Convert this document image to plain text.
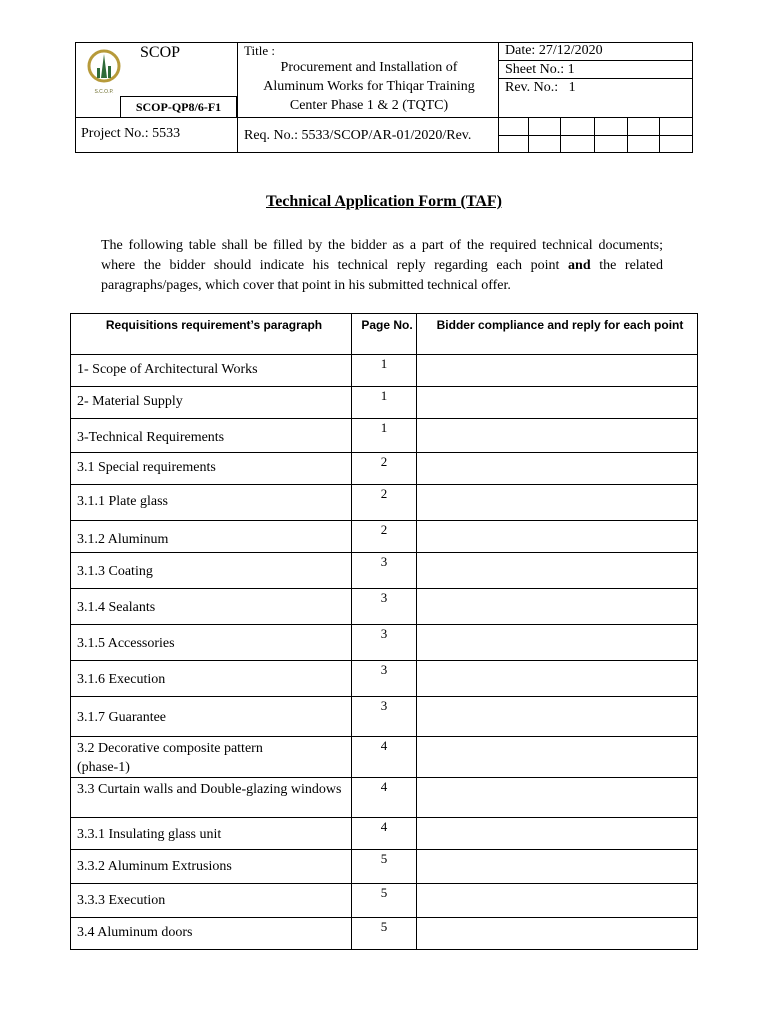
S.C.O.P.
SCOP
SCOP-QP8/6-F1
Title :
Procurement and Installation of
Aluminum Works for Thiqar Training
Center Phase 1 & 2 (TQTC)
Date: 27/12/2020
Sheet No.: 1
Rev. No.:   1
Project No.: 5533	Req. No.: 5533/SCOP/AR-01/2020/Rev.
Technical Application Form (TAF)
The following table shall be filled by the bidder as a part of the required technical documents; where the bidder should indicate his technical reply regarding each point and the related paragraphs/pages, which cover that point in his submitted technical offer.
Requisitions requirement’s paragraph	Page No.	Bidder compliance and reply for each point
1- Scope of Architectural Works	1	
2- Material Supply	1	
3-Technical Requirements	1	
3.1 Special requirements	2	
3.1.1 Plate glass	2	
3.1.2 Aluminum	2	
3.1.3 Coating	3	
3.1.4 Sealants	3	
3.1.5 Accessories	3	
3.1.6 Execution	3	
3.1.7 Guarantee	3	
3.2 Decorative composite pattern
(phase-1)	4	
3.3 Curtain walls and Double-glazing windows	4	
3.3.1 Insulating glass unit	4	
3.3.2 Aluminum Extrusions	5	
3.3.3 Execution	5	
3.4 Aluminum doors	5	
